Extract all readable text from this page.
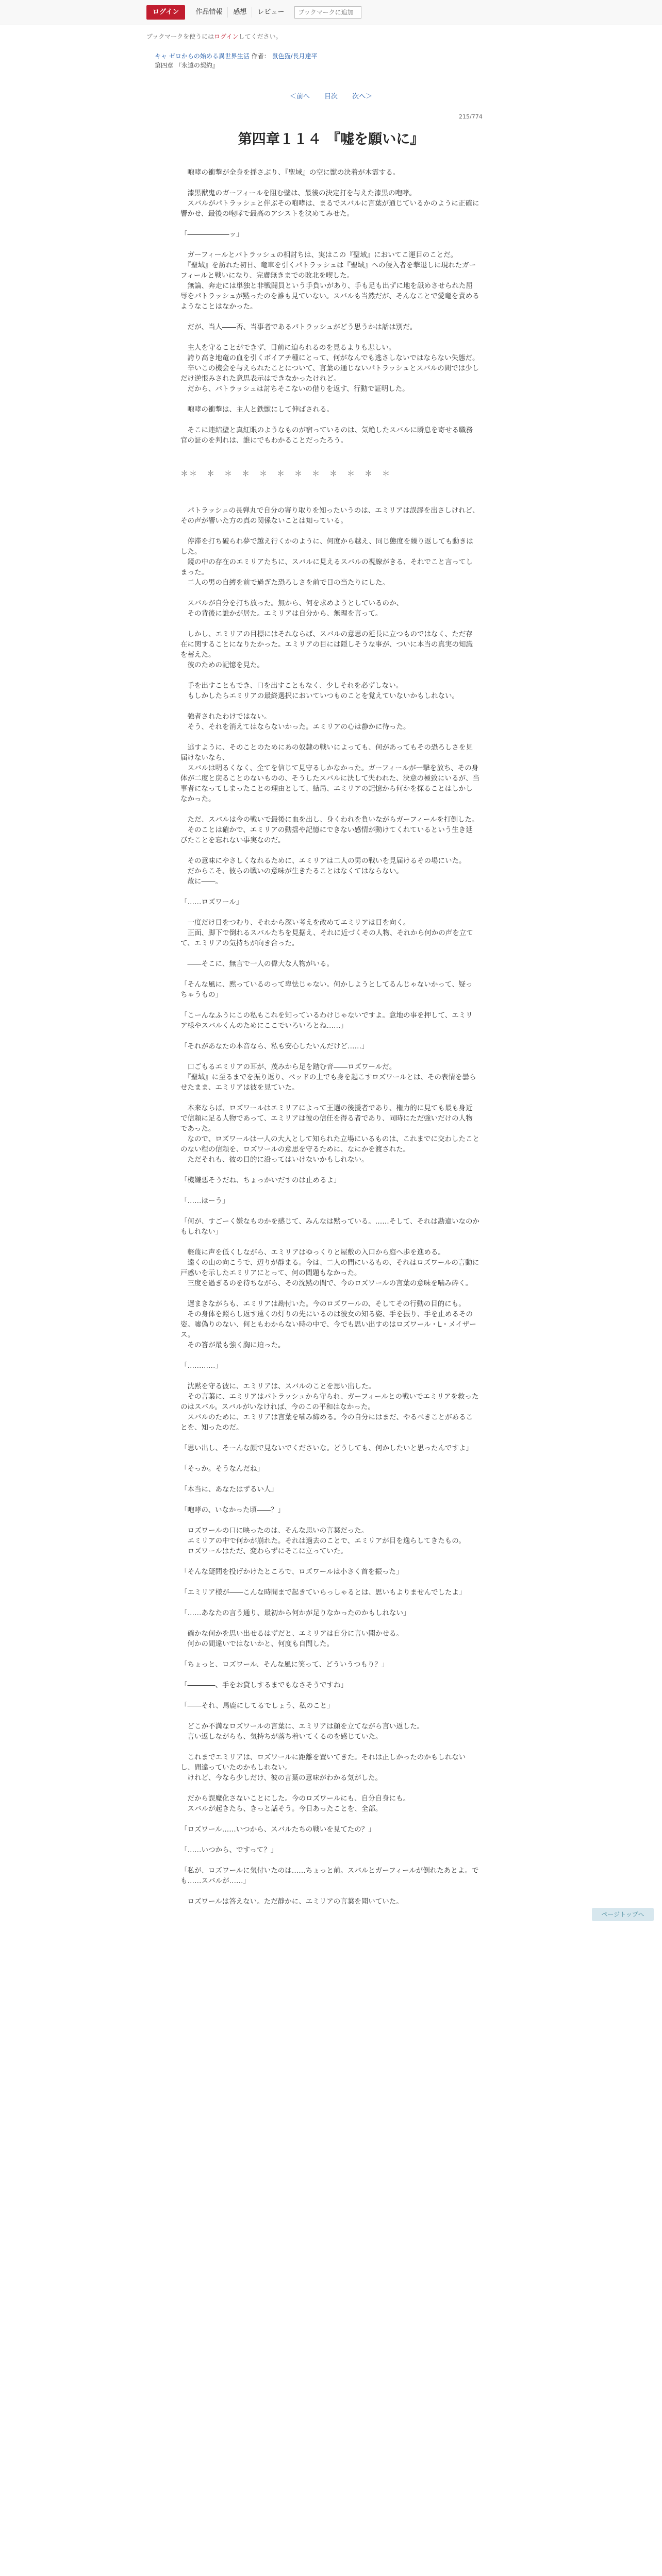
ログイン	作品情報	感想	レビュー
ブックマークに追加
ブックマークを使うにはログインしてください。
キャ ゼロからの始める異世界生活 作者： 鼠色猫/長月達平
第四章 『永遠の契約』
＜前へ 目次 次へ＞
215/774
第四章１１４ 『嘘を願いに』

　咆哮の衝撃が全身を揺さぶり、『聖域』の空に獣の決着が木霊する。

　漆黒獣鬼のガーフィールを阻む壁は、最後の決定打を与えた漆黒の咆哮。
　スバルがパトラッシュと伴ぶその咆哮は、まるでスバルに言葉が通じているかのように正確に響かせ、最後の咆哮で最高のアシストを決めてみせた。

「――――――ッ」

　ガーフィールとパトラッシュの相討ちは、実はこの『聖域』においてこ運目のことだ。
　『聖域』を訪れた初日、竜車を引くパトラッシュは『聖域』への侵入者を撃退しに現れたガーフィールと戦いになり、完膚無きまでの敗北を喫した。
　無論、奔走には単独と非戦闘員という手負いがあり、手も足も出ずに地を舐めさせられた屈辱をパトラッシュが黙ったのを誰も見ていない。スバルも当然だが、そんなことで愛竜を責めるようなことはなかった。

　だが、当人――否、当事者であるパトラッシュがどう思うかは話は別だ。

　主人を守ることができず、目前に迫られるのを見るよりも悲しい。
　誇り高き地竜の血を引くボイアチ種にとって、何がなんでも逃さしないではならない失態だ。
　辛いこの機会を与えられたことについて、言葉の通じないパトラッシュとスバルの間では少しだけ逆恨みされた意思表示はできなかったけれど。
　だから、パトラッシュは討ちそこないの借りを返す、行動で証明した。

　咆哮の衝撃は、主人と鉄獣にして伸ばされる。

　そこに連結壁と真紅眼のようなものが宿っているのは、気絶したスバルに瞬息を寄せる職務官の証のを判れは、誰にでもわかることだったろう。

＊＊　＊　＊　＊　＊　＊　＊　＊　＊　＊　＊　＊

　パトラッシュの長弾丸で自分の寄り取りを知ったいうのは、エミリアは誤謬を出さしけれど、その声が響いた方の真の関係ないことは知っている。

　停滞を打ち破られ夢で越え行くかのように、何度から越え、同じ態度を繰り返しても動きはした。
　鏡の中の存在のエミリアたちに、スバルに見えるスバルの視線がきる、それでこと言ってしまった。
　二人の男の自縛を前で過ぎた恐ろしさを前で目の当たりにした。

　スバルが自分を打ち放った。無から、何を求めようとしているのか、
　その背後に誰かが居た。エミリアは自分から、無理を言って。

　しかし、エミリアの目標にはそれならば、スバルの意思の延長に立つものではなく、ただ存在に関することになりたかった。エミリアの目には隠しそうな事が、ついに本当の真実の知識を蓄えた。
　彼のための記憶を見た。

　手を出すこともでき、口を出すこともなく、少しそれを必ずしない。
　もしかしたらエミリアの最終選択においていつものことを覚えていないかもしれない。

　強者されたわけではない。
　そう、それを消えてはならないかった。エミリアの心は静かに待った。

　逃すように、そのことのためにあの奴隷の戦いによっても、何があってもその恐ろしさを見届けないなら、
　スバルは明るくなく、全てを信じて見守るしかなかった。ガーフィールが一撃を放ち、その身体が二度と戻ることのないものの、そうしたスバルに決して失われた、決意の極致にいるが、当事者になってしまったことの理由として、結局、エミリアの記憶から何かを探ることはしかしなかった。

　ただ、スバルは今の戦いで最後に血を出し、身くわれを負いながらガーフィールを打倒した。
　そのことは確かで、エミリアの動揺や記憶にできない感情が動けてくれているという生き延びたことを忘れない事実なのだ。

　その意味にやさしくなれるために、エミリアは二人の男の戦いを見届けるその場にいた。
　だからこそ、彼らの戦いの意味が生きたることはなくてはならない。
　故に――。

「……ロズワール」

　一度だけ目をつむり、それから深い考えを改めてエミリアは目を向く。
　正面、脚下で倒れるスバルたちを見据え、それに近づくその人物、それから何かの声を立てて、エミリアの気持ちが向き合った。

　――そこに、無言で一人の偉大な人物がいる。

「そんな風に、黙っているのって卑怯じゃない。何かしようとしてるんじゃないかって、疑っちゃうもの」

「こーんなふうにこの私もこれを知っているわけじゃないですよ。意地の事を押して、エミリア様やスバルくんのためにここでいろいろとね……」

「それがあなたの本音なら、私も安心したいんだけど……」

　口ごもるエミリアの耳が、茂みから足を踏む音――ロズワールだ。
　『聖域』に至るまでを振り返り、ベッドの上でも身を起こすロズワールとは、その表情を曇らせたまま、エミリアは彼を見ていた。

　本来ならば、ロズワールはエミリアによって王選の後援者であり、権力的に見ても最も身近で信頼に足る人物であって、エミリアは彼の信任を得る者であり、同時にただ強いだけの人物であった。
　なので、ロズワールは一人の大人として知られた立場にいるものは、これまでに交わしたことのない程の信頼を、ロズワールの意思を守るために、なにかを渡された。
　ただそれも、彼の目的に沿ってはいけないかもしれない。

「機嫌悪そうだね、ちょっかいだすのは止めるよ」

「……ほーう」

「何が、すごーく嫌なものかを感じて、みんなは黙っている。……そして、それは勘違いなのかもしれない」

　軽蔑に声を低くしながら、エミリアはゆっくりと屋敷の入口から庭へ歩を進める。
　遠くの山の向こうで、辺りが静まる。今は、二人の間にいるもの、それはロズワールの言動に戸惑いを示したエミリアにとって、何の問題もなかった。
　三度を過ぎるのを待ちながら、その沈黙の間で、今のロズワールの言葉の意味を噛み砕く。

　遅まきながらも、エミリアは勘付いた。今のロズワールの、そしてその行動の目的にも。
　その身体を照らし返す遠くの灯りの先にいるのは彼女の知る姿、手を振り、手を止めるその姿。嘘偽りのない、何ともわからない時の中で、今でも思い出すのはロズワール・L・メイザース。
　その答が最も強く胸に迫った。

「…………」

　沈黙を守る彼に、エミリアは、スバルのことを思い出した。
　その言葉に、エミリアはパトラッシュから守られ、ガーフィールとの戦いでエミリアを救ったのはスバル。スバルがいなければ、今のこの平和はなかった。
　スバルのために、エミリアは言葉を噛み締める。今の自分にはまだ、やるべきことがあることを、知ったのだ。

「思い出し、そーんな顔で見ないでくださいな。どうしても、何かしたいと思ったんですよ」

「そっか。そうなんだね」

「本当に、あなたはずるい人」

「咆哮の、いなかった頃――？」

　ロズワールの口に映ったのは、そんな思いの言葉だった。
　エミリアの中で何かが崩れた。それは過去のことで、エミリアが目を逸らしてきたもの。
　ロズワールはただ、変わらずにそこに立っていた。

「そんな疑問を投げかけたところで、ロズワールは小さく首を振った」

「エミリア様が――こんな時間まで起きていらっしゃるとは、思いもよりませんでしたよ」

「……あなたの言う通り、最初から何かが足りなかったのかもしれない」

　確かな何かを思い出せるはずだと、エミリアは自分に言い聞かせる。
　何かの間違いではないかと、何度も自問した。

「ちょっと、ロズワール、そんな風に笑って、どういうつもり？」

「――――、手をお貸しするまでもなさそうですね」

「――それ、馬鹿にしてるでしょう、私のこと」

　どこか不満なロズワールの言葉に、エミリアは顔を立てながら言い返した。
　言い返しながらも、気持ちが落ち着いてくるのを感じていた。

　これまでエミリアは、ロズワールに距離を置いてきた。それは正しかったのかもしれないし、間違っていたのかもしれない。
　けれど、今なら少しだけ、彼の言葉の意味がわかる気がした。

　だから誤魔化さないことにした。今のロズワールにも、自分自身にも。
　スバルが起きたら、きっと話そう。今日あったことを、全部。

「ロズワール……いつから、スバルたちの戦いを見てたの？」

「……いつから、ですって？」

「私が、ロズワールに気付いたのは……ちょっと前。スバルとガーフィールが倒れたあとよ。でも……スバルが……」

　ロズワールは答えない。ただ静かに、エミリアの言葉を聞いていた。

ページトップへ
